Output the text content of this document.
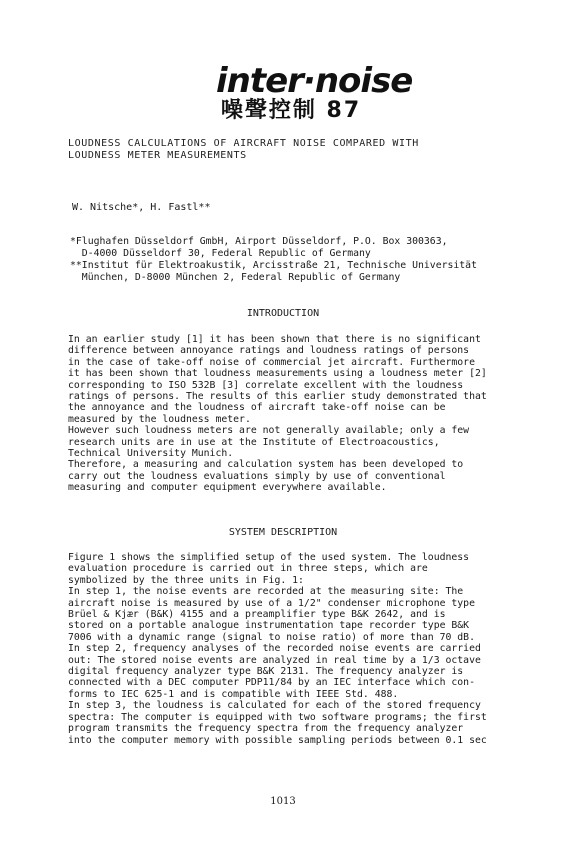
inter·noise
噪聲控制 87
LOUDNESS CALCULATIONS OF AIRCRAFT NOISE COMPARED WITH
LOUDNESS METER MEASUREMENTS
W. Nitsche*, H. Fastl**
*Flughafen Düsseldorf GmbH, Airport Düsseldorf, P.O. Box 300363,
D-4000 Düsseldorf 30, Federal Republic of Germany
**Institut für Elektroakustik, Arcisstraße 21, Technische Universität
München, D-8000 München 2, Federal Republic of Germany
INTRODUCTION
In an earlier study [1] it has been shown that there is no significant
difference between annoyance ratings and loudness ratings of persons
in the case of take-off noise of commercial jet aircraft. Furthermore
it has been shown that loudness measurements using a loudness meter [2]
corresponding to ISO 532B [3] correlate excellent with the loudness
ratings of persons. The results of this earlier study demonstrated that
the annoyance and the loudness of aircraft take-off noise can be
measured by the loudness meter.
However such loudness meters are not generally available; only a few
research units are in use at the Institute of Electroacoustics,
Technical University Munich.
Therefore, a measuring and calculation system has been developed to
carry out the loudness evaluations simply by use of conventional
measuring and computer equipment everywhere available.
SYSTEM DESCRIPTION
Figure 1 shows the simplified setup of the used system. The loudness
evaluation procedure is carried out in three steps, which are
symbolized by the three units in Fig. 1:
In step 1, the noise events are recorded at the measuring site: The
aircraft noise is measured by use of a 1/2" condenser microphone type
Brüel & Kjær (B&K) 4155 and a preamplifier type B&K 2642, and is
stored on a portable analogue instrumentation tape recorder type B&K
7006 with a dynamic range (signal to noise ratio) of more than 70 dB.
In step 2, frequency analyses of the recorded noise events are carried
out: The stored noise events are analyzed in real time by a 1/3 octave
digital frequency analyzer type B&K 2131. The frequency analyzer is
connected with a DEC computer PDP11/84 by an IEC interface which con-
forms to IEC 625-1 and is compatible with IEEE Std. 488.
In step 3, the loudness is calculated for each of the stored frequency
spectra: The computer is equipped with two software programs; the first
program transmits the frequency spectra from the frequency analyzer
into the computer memory with possible sampling periods between 0.1 sec
1013
